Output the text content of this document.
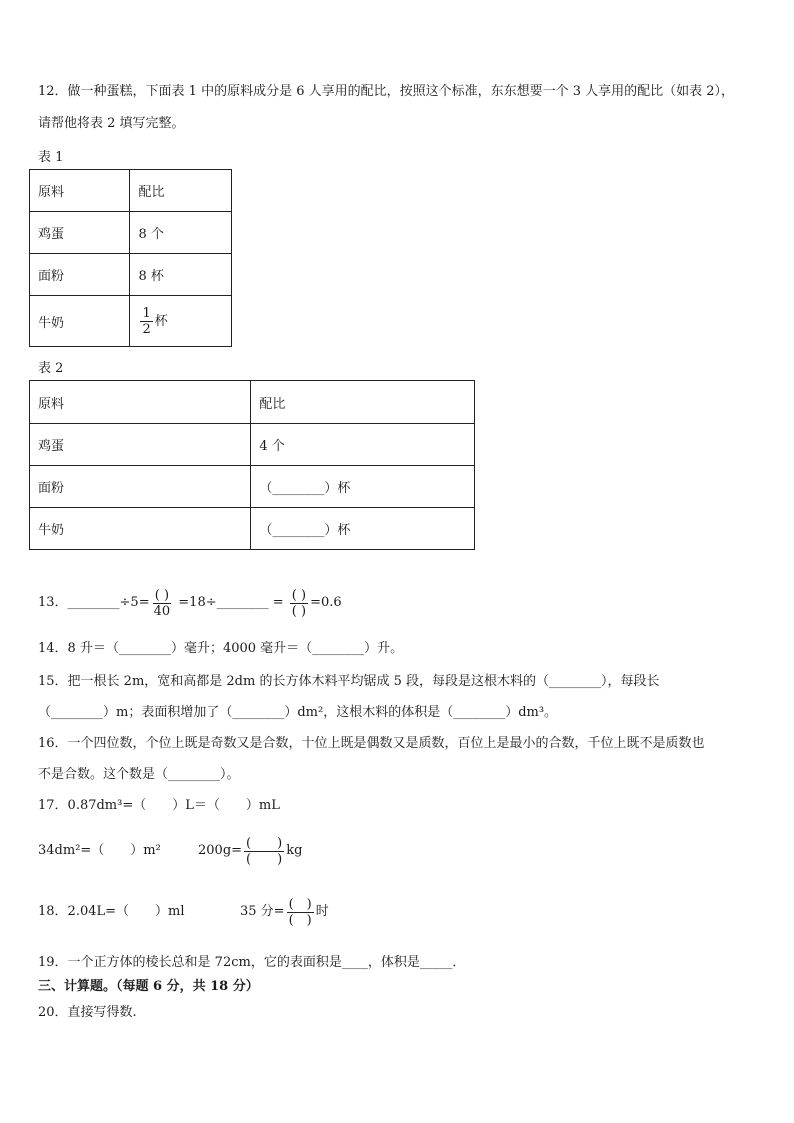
12．做一种蛋糕，下面表 1 中的原料成分是 6 人享用的配比，按照这个标准，东东想要一个 3 人享用的配比（如表 2），
请帮他将表 2 填写完整。
表 1
原料	配比
鸡蛋	8 个
面粉	8 杯
牛奶	$\frac{1}{2}$ 杯
表 2
原料	配比
鸡蛋	4 个
面粉	（________）杯
牛奶	（________）杯
13．________÷5= $\frac{( )}{40}$ =18÷________ = $\frac{( )}{( )} =0.6$
14．8 升＝（________）毫升；4000 毫升＝（________）升。
15．把一根长 2m，宽和高都是 2dm 的长方体木料平均锯成 5 段，每段是这根木料的（________），每段长
（________）m；表面积增加了（________）dm²，这根木料的体积是（________）dm³。
16．一个四位数，个位上既是奇数又是合数，十位上既是偶数又是质数，百位上是最小的合数，千位上既不是质数也
不是合数。这个数是（________）。
17．0.87dm³=（　　）L＝（　　）mL
34dm²=（　　）m²	$200g= \frac{( )}{( )}$ kg
18．2.04L=（　　）ml	35 分= $\frac{( )}{( )}$ 时
19．一个正方体的棱长总和是 72cm，它的表面积是____，体积是_____．
三、计算题。（每题 6 分，共 18 分）
20．直接写得数.
